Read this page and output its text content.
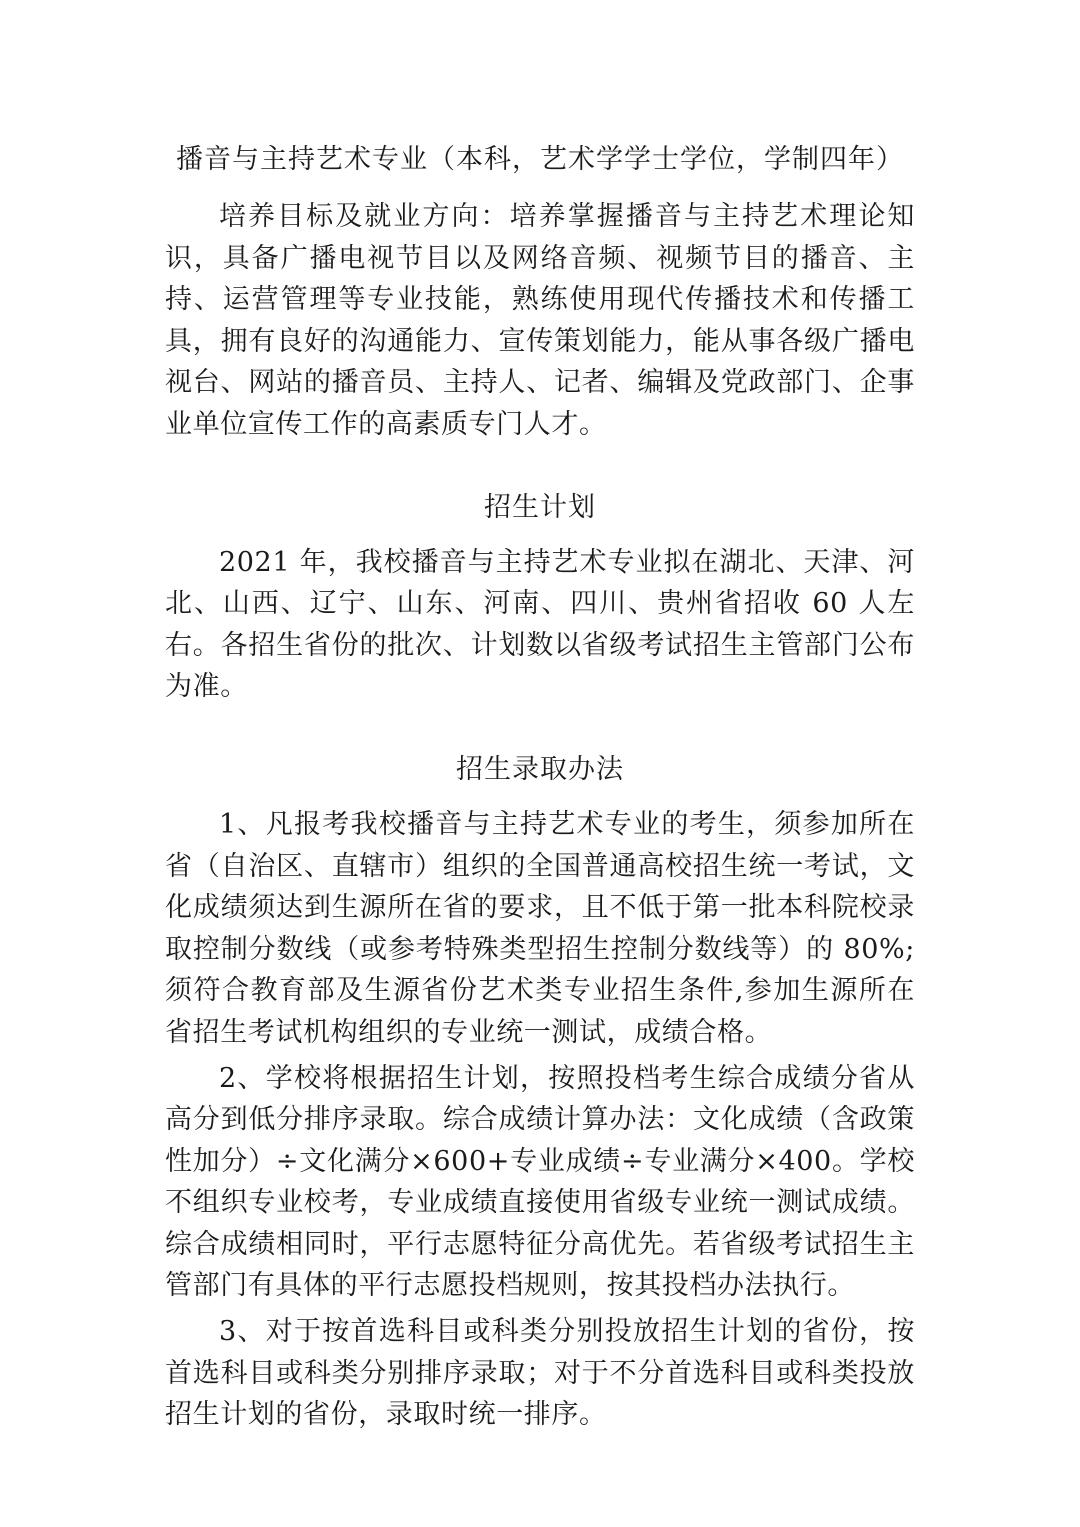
播音与主持艺术专业（本科，艺术学学士学位，学制四年）

培养目标及就业方向：培养掌握播音与主持艺术理论知识，具备广播电视节目以及网络音频、视频节目的播音、主持、运营管理等专业技能，熟练使用现代传播技术和传播工具，拥有良好的沟通能力、宣传策划能力，能从事各级广播电视台、网站的播音员、主持人、记者、编辑及党政部门、企事业单位宣传工作的高素质专门人才。

招生计划

2021 年，我校播音与主持艺术专业拟在湖北、天津、河北、山西、辽宁、山东、河南、四川、贵州省招收 60 人左右。各招生省份的批次、计划数以省级考试招生主管部门公布为准。

招生录取办法

1、凡报考我校播音与主持艺术专业的考生，须参加所在省（自治区、直辖市）组织的全国普通高校招生统一考试，文化成绩须达到生源所在省的要求，且不低于第一批本科院校录取控制分数线（或参考特殊类型招生控制分数线等）的 80%;须符合教育部及生源省份艺术类专业招生条件,参加生源所在省招生考试机构组织的专业统一测试，成绩合格。

2、学校将根据招生计划，按照投档考生综合成绩分省从高分到低分排序录取。综合成绩计算办法：文化成绩（含政策性加分）÷文化满分×600+专业成绩÷专业满分×400。学校不组织专业校考，专业成绩直接使用省级专业统一测试成绩。综合成绩相同时，平行志愿特征分高优先。若省级考试招生主管部门有具体的平行志愿投档规则，按其投档办法执行。

3、对于按首选科目或科类分别投放招生计划的省份，按首选科目或科类分别排序录取；对于不分首选科目或科类投放招生计划的省份，录取时统一排序。
